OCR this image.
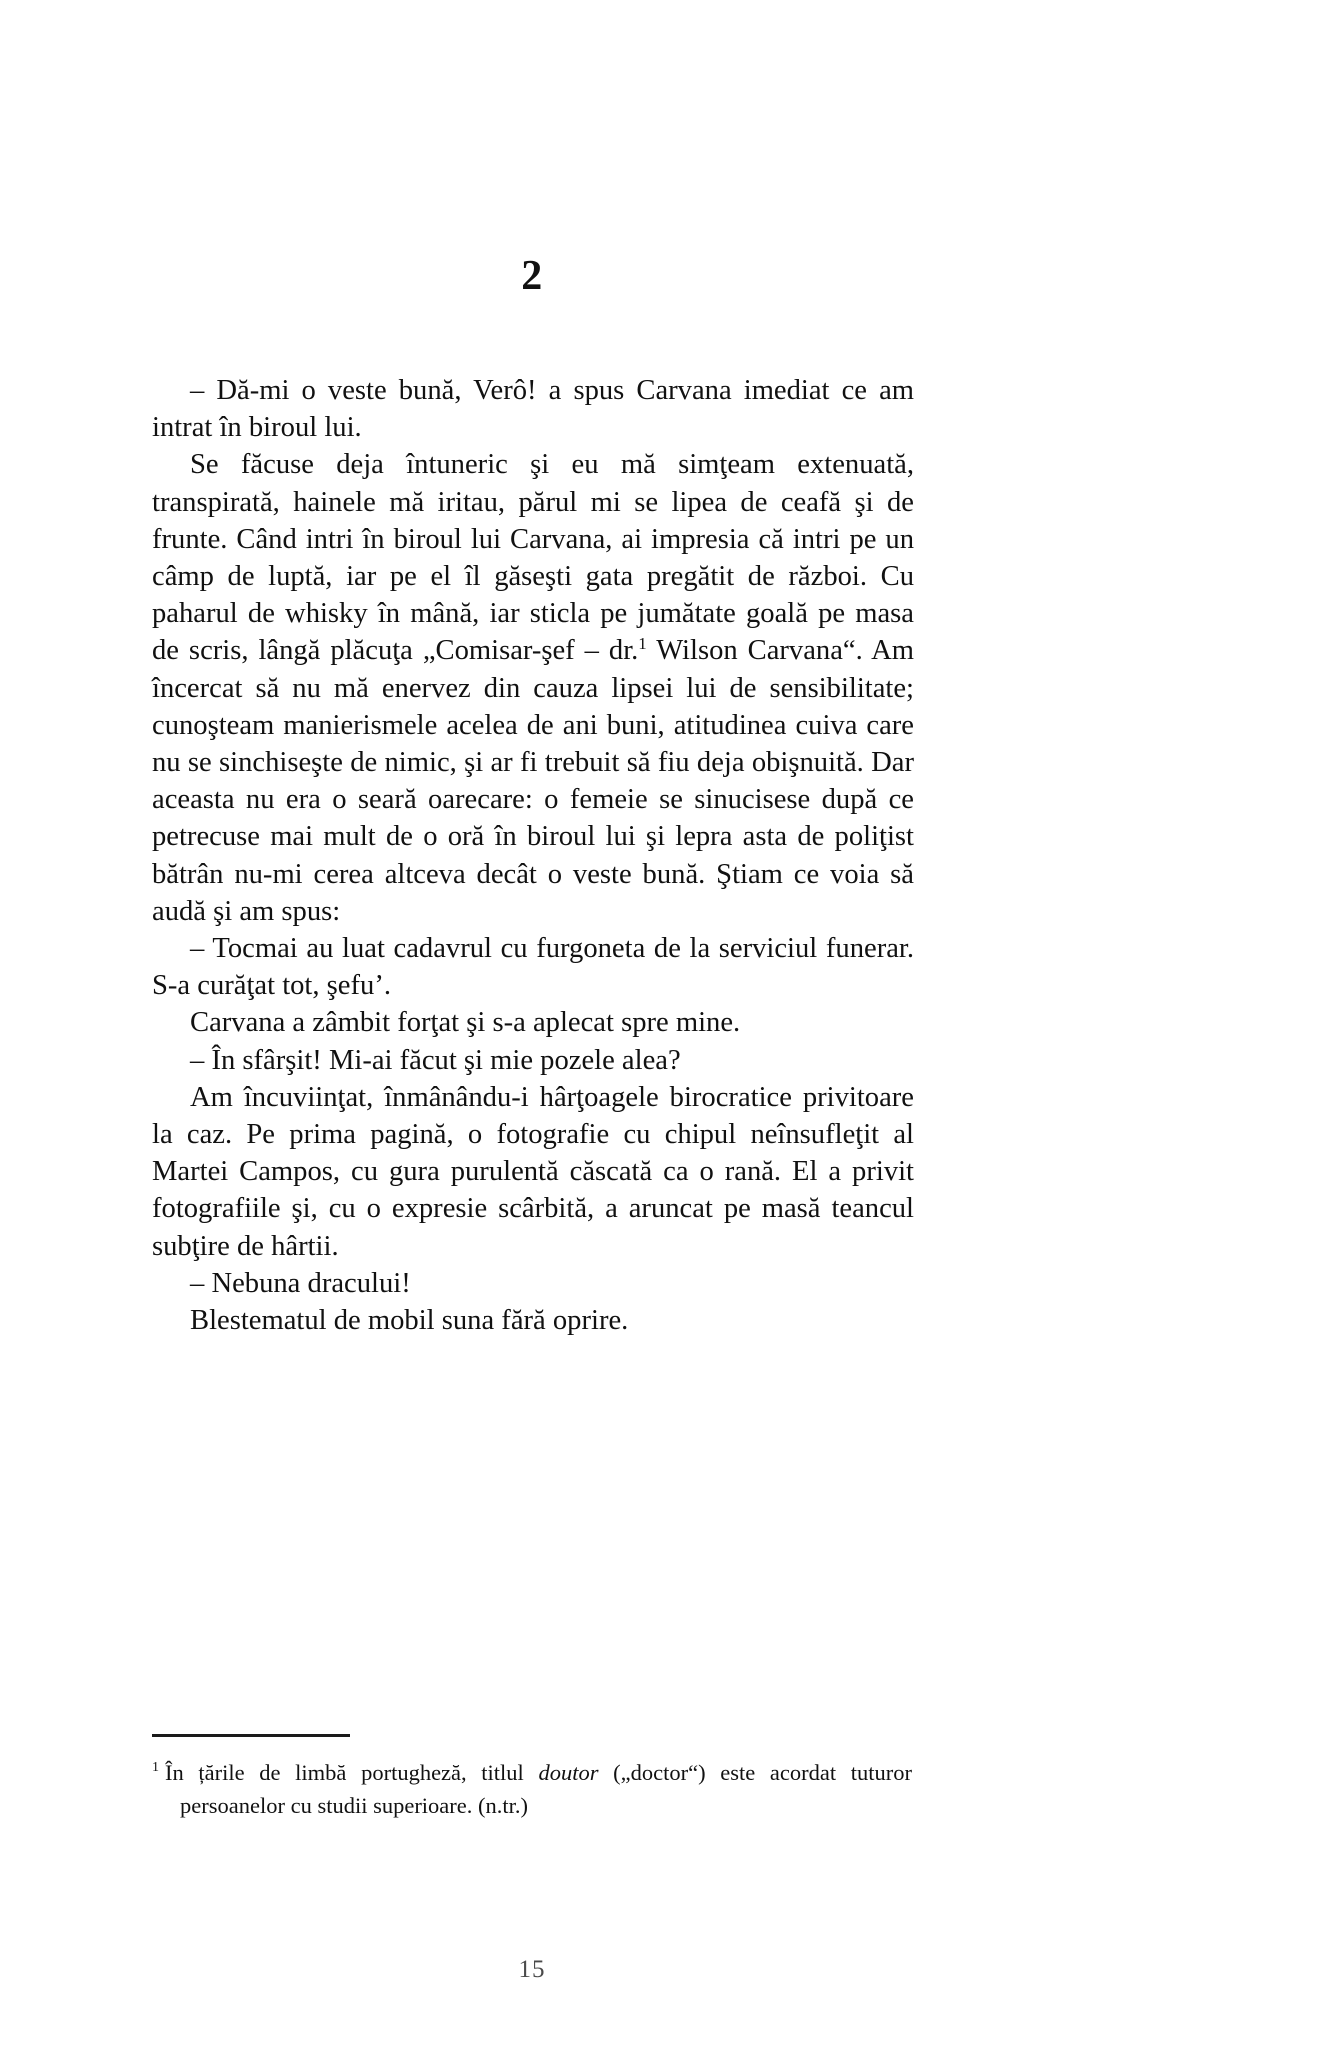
2

– Dă-mi o veste bună, Verô! a spus Carvana imediat ce am intrat în biroul lui.

Se făcuse deja întuneric şi eu mă simţeam extenuată, transpirată, hainele mă iritau, părul mi se lipea de ceafă şi de frunte. Când intri în biroul lui Carvana, ai impresia că intri pe un câmp de luptă, iar pe el îl găseşti gata pregătit de război. Cu paharul de whisky în mână, iar sticla pe jumătate goală pe masa de scris, lângă plăcuţa „Comisar-şef – dr.$^1$ Wilson Carvana“. Am încercat să nu mă enervez din cauza lipsei lui de sensibilitate; cunoşteam manierismele acelea de ani buni, atitudinea cuiva care nu se sinchiseşte de nimic, şi ar fi trebuit să fiu deja obişnuită. Dar aceasta nu era o seară oarecare: o femeie se sinucisese după ce petrecuse mai mult de o oră în biroul lui şi lepra asta de poliţist bătrân nu-mi cerea altceva decât o veste bună. Ştiam ce voia să audă şi am spus:

– Tocmai au luat cadavrul cu furgoneta de la serviciul funerar. S-a curăţat tot, şefu’.

Carvana a zâmbit forţat şi s-a aplecat spre mine.

– În sfârşit! Mi-ai făcut şi mie pozele alea?

Am încuviinţat, înmânându-i hârţoagele birocratice privitoare la caz. Pe prima pagină, o fotografie cu chipul neînsufleţit al Martei Campos, cu gura purulentă căscată ca o rană. El a privit fotografiile şi, cu o expresie scârbită, a aruncat pe masă teancul subţire de hârtii.

– Nebuna dracului!

Blestematul de mobil suna fără oprire.

$^1$ În țările de limbă portugheză, titlul doutor („doctor“) este acordat tuturor persoanelor cu studii superioare. (n.tr.)
15
